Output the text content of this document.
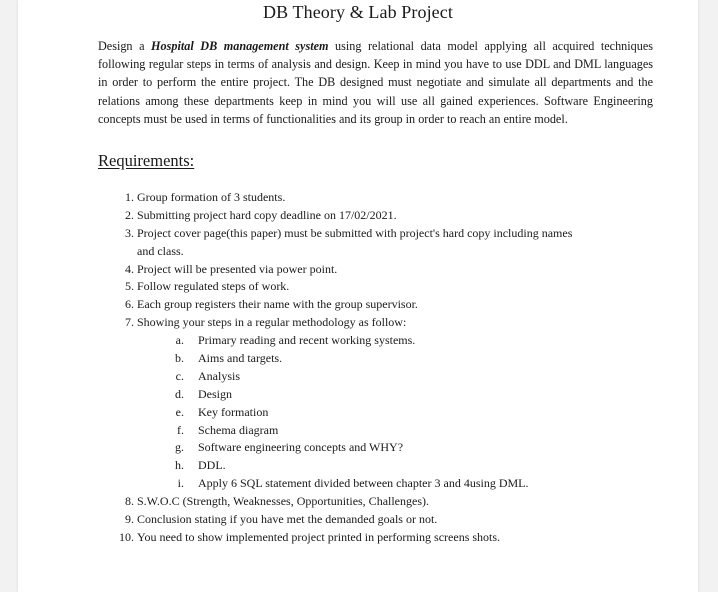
DB Theory & Lab Project
Design a Hospital DB management system using relational data model applying all acquired techniques following regular steps in terms of analysis and design. Keep in mind you have to use DDL and DML languages in order to perform the entire project. The DB designed must negotiate and simulate all departments and the relations among these departments keep in mind you will use all gained experiences. Software Engineering concepts must be used in terms of functionalities and its group in order to reach an entire model.
Requirements:
1. Group formation of 3 students.
2. Submitting project hard copy deadline on 17/02/2021.
3. Project cover page(this paper) must be submitted with project's hard copy including names
and class.
4. Project will be presented via power point.
5. Follow regulated steps of work.
6. Each group registers their name with the group supervisor.
7. Showing your steps in a regular methodology as follow:
a. Primary reading and recent working systems.
b. Aims and targets.
c. Analysis
d. Design
e. Key formation
f. Schema diagram
g. Software engineering concepts and WHY?
h. DDL.
i. Apply 6 SQL statement divided between chapter 3 and 4using DML.
8. S.W.O.C (Strength, Weaknesses, Opportunities, Challenges).
9. Conclusion stating if you have met the demanded goals or not.
10. You need to show implemented project printed in performing screens shots.
